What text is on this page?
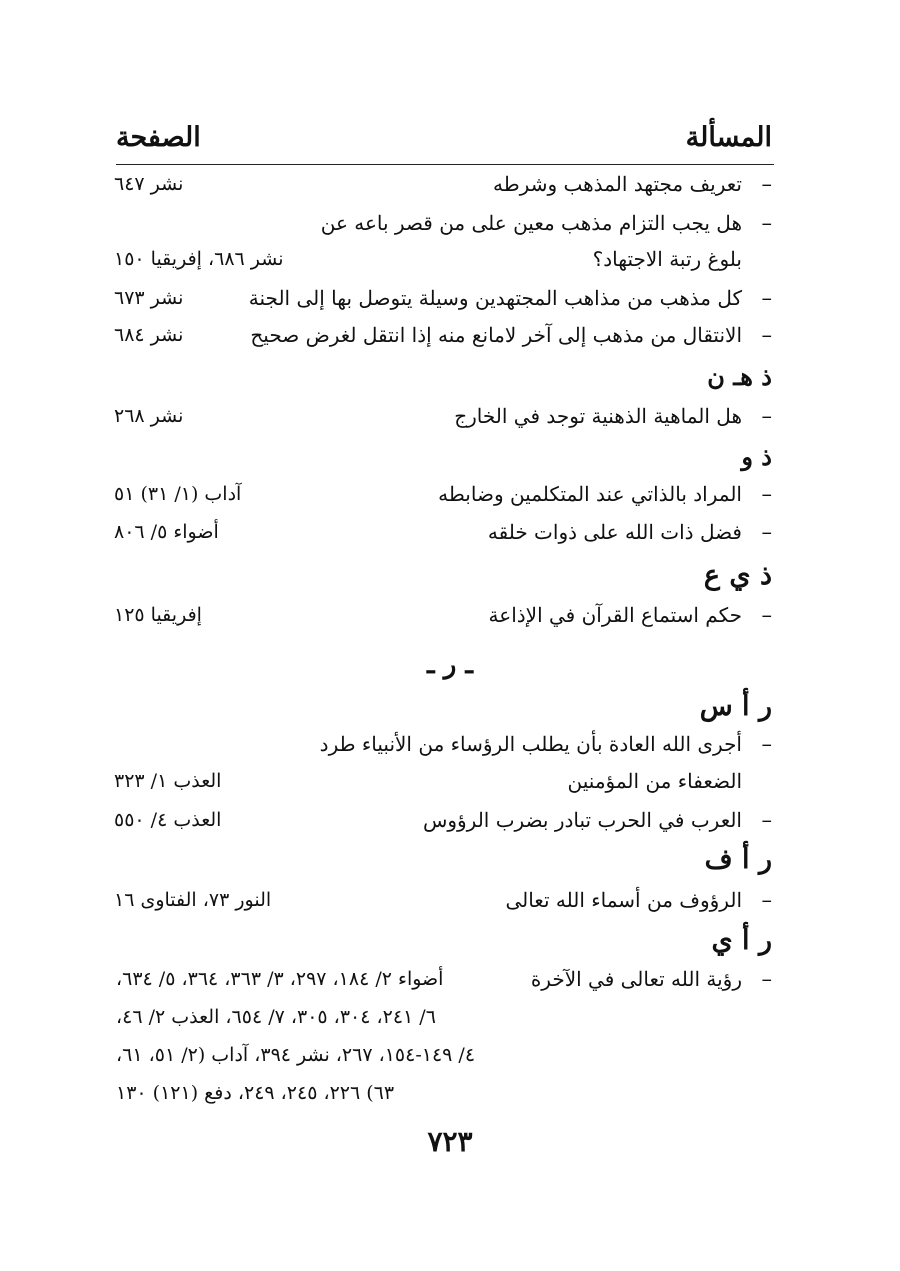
المسألة
الصفحة
–
تعريف مجتهد المذهب وشرطه
نشر ٦٤٧
–
هل يجب التزام مذهب معين على من قصر باعه عن
بلوغ رتبة الاجتهاد؟
نشر ٦٨٦، إفريقيا ١٥٠
–
كل مذهب من مذاهب المجتهدين وسيلة يتوصل بها إلى الجنة
نشر ٦٧٣
–
الانتقال من مذهب إلى آخر لامانع منه إذا انتقل لغرض صحيح
نشر ٦٨٤
ذ هـ ن
–
هل الماهية الذهنية توجد في الخارج
نشر ٢٦٨
ذ و
–
المراد بالذاتي عند المتكلمين وضابطه
آداب (١/ ٣١) ٥١
–
فضل ذات الله على ذوات خلقه
أضواء ٥/ ٨٠٦
ذ ي ع
–
حكم استماع القرآن في الإذاعة
إفريقيا ١٢٥
ـ ر ـ
ر أ س
–
أجرى الله العادة بأن يطلب الرؤساء من الأنبياء طرد
الضعفاء من المؤمنين
العذب ١/ ٣٢٣
–
العرب في الحرب تبادر بضرب الرؤوس
العذب ٤/ ٥٥٠
ر أ ف
–
الرؤوف من أسماء الله تعالى
النور ٧٣، الفتاوى ١٦
ر أ ي
–
رؤية الله تعالى في الآخرة
أضواء ٢/ ١٨٤، ٢٩٧، ٣/ ٣٦٣، ٣٦٤، ٥/ ٦٣٤،
٦/ ٢٤١، ٣٠٤، ٣٠٥، ٧/ ٦٥٤، العذب ٢/ ٤٦،
٤/ ١٤٩-١٥٤، ٢٦٧، نشر ٣٩٤، آداب (٢/ ٥١، ٦١،
٦٣) ٢٢٦، ٢٤٥، ٢٤٩، دفع (١٢١) ١٣٠
٧٢٣
